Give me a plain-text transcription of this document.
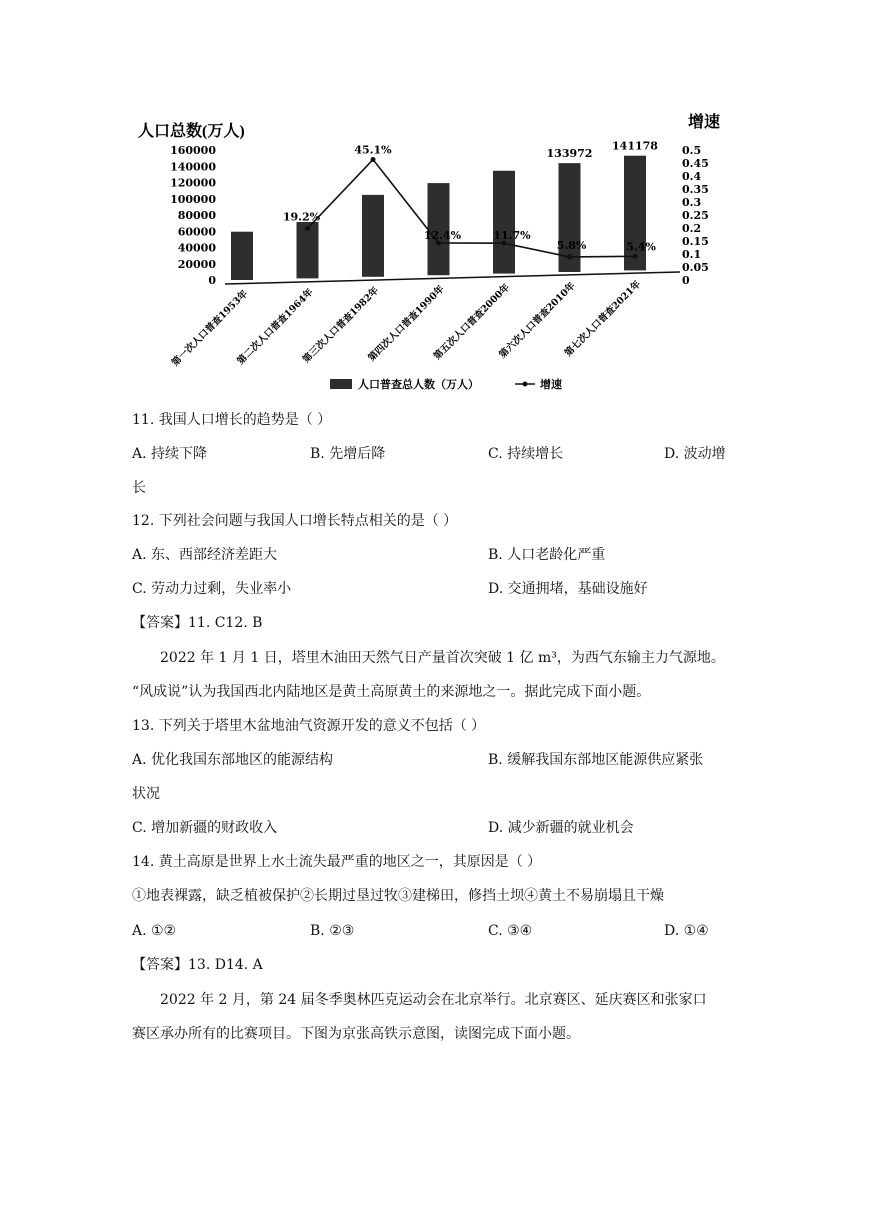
人口总数(万人)
增速
160000
140000
120000
100000
80000
60000
40000
20000
0
0.5
0.45
0.4
0.35
0.3
0.25
0.2
0.15
0.1
0.05
0
133972
141178
19.2%
45.1%
12.4%	11.7%
5.8%	5.4%
第一次人口普查1953年
第二次人口普查1964年
第三次人口普查1982年
第四次人口普查1990年
第五次人口普查2000年
第六次人口普查2010年
第七次人口普查2021年
人口普查总人数（万人）	增速
11. 我国人口增长的趋势是（ ）
A. 持续下降	B. 先增后降	C. 持续增长	D. 波动增
长
12. 下列社会问题与我国人口增长特点相关的是（ ）
A. 东、西部经济差距大	B. 人口老龄化严重
C. 劳动力过剩，失业率小	D. 交通拥堵，基础设施好
【答案】11. C12. B
2022 年 1 月 1 日，塔里木油田天然气日产量首次突破 1 亿 m³，为西气东输主力气源地。
“风成说”认为我国西北内陆地区是黄土高原黄土的来源地之一。据此完成下面小题。
13. 下列关于塔里木盆地油气资源开发的意义不包括（ ）
A. 优化我国东部地区的能源结构	B. 缓解我国东部地区能源供应紧张
状况
C. 增加新疆的财政收入	D. 减少新疆的就业机会
14. 黄土高原是世界上水土流失最严重的地区之一，其原因是（ ）
①地表裸露，缺乏植被保护②长期过垦过牧③建梯田，修挡土坝④黄土不易崩塌且干燥
A. ①②	B. ②③	C. ③④	D. ①④
【答案】13. D14. A
2022 年 2 月，第 24 届冬季奥林匹克运动会在北京举行。北京赛区、延庆赛区和张家口
赛区承办所有的比赛项目。下图为京张高铁示意图，读图完成下面小题。
